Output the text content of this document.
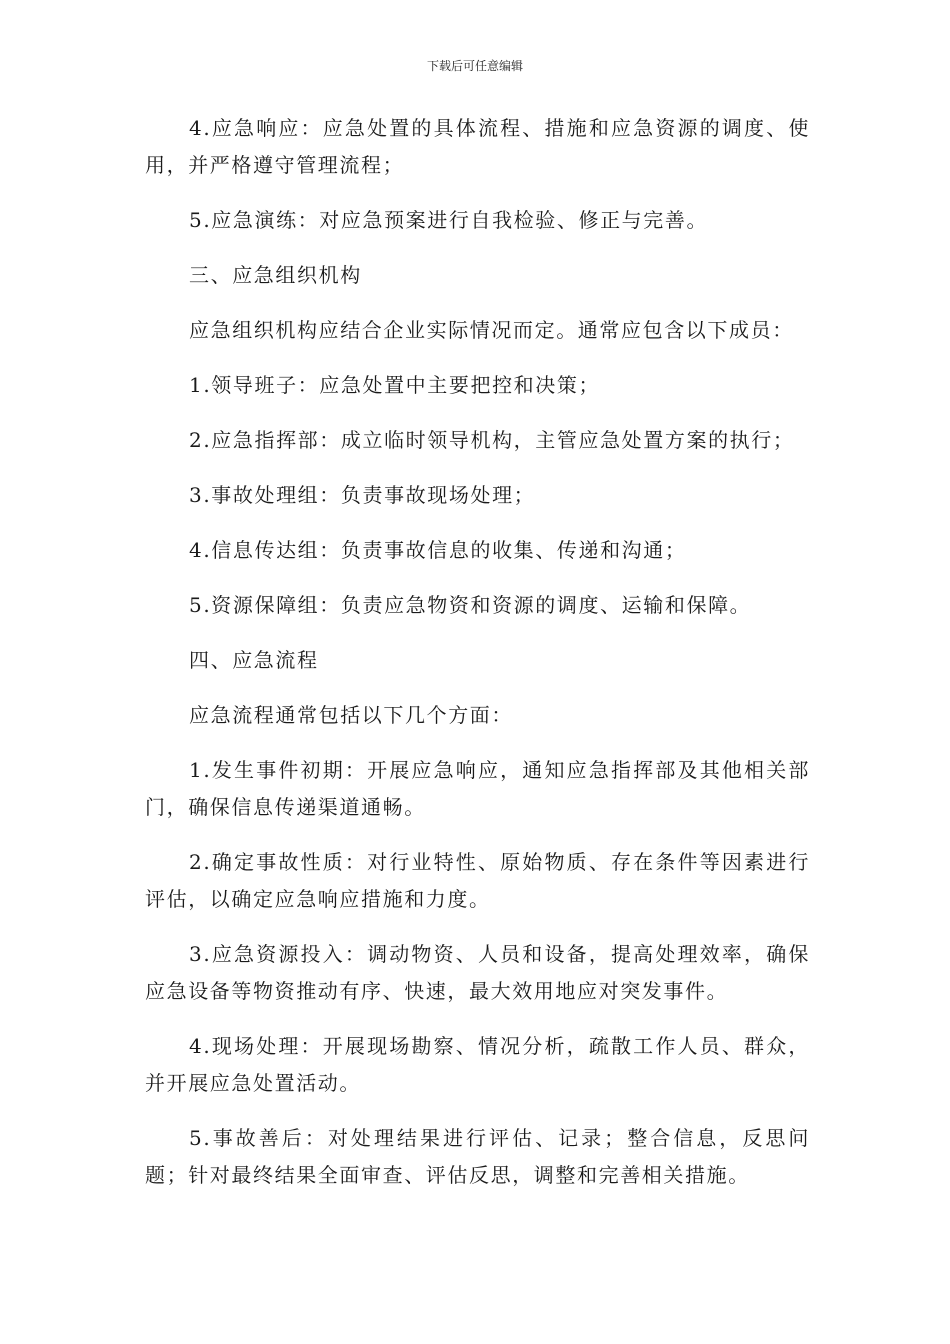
下载后可任意编辑

4.应急响应：应急处置的具体流程、措施和应急资源的调度、使用，并严格遵守管理流程；

5.应急演练：对应急预案进行自我检验、修正与完善。

三、应急组织机构

应急组织机构应结合企业实际情况而定。通常应包含以下成员：

1.领导班子：应急处置中主要把控和决策；

2.应急指挥部：成立临时领导机构，主管应急处置方案的执行；

3.事故处理组：负责事故现场处理；

4.信息传达组：负责事故信息的收集、传递和沟通；

5.资源保障组：负责应急物资和资源的调度、运输和保障。

四、应急流程

应急流程通常包括以下几个方面：

1.发生事件初期：开展应急响应，通知应急指挥部及其他相关部门，确保信息传递渠道通畅。

2.确定事故性质：对行业特性、原始物质、存在条件等因素进行评估，以确定应急响应措施和力度。

3.应急资源投入：调动物资、人员和设备，提高处理效率，确保应急设备等物资推动有序、快速，最大效用地应对突发事件。

4.现场处理：开展现场勘察、情况分析，疏散工作人员、群众，并开展应急处置活动。

5.事故善后：对处理结果进行评估、记录；整合信息，反思问题；针对最终结果全面审查、评估反思，调整和完善相关措施。
